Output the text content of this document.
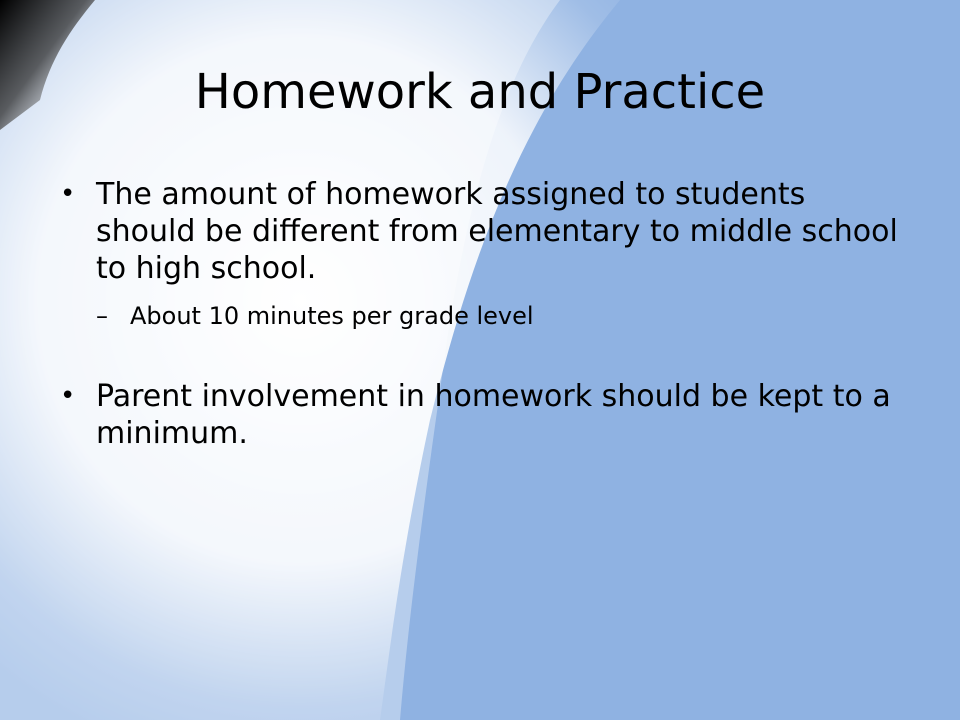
Homework and Practice
• The amount of homework assigned to students should be different from elementary to middle school to high school.
– About 10 minutes per grade level
• Parent involvement in homework should be kept to a minimum.
